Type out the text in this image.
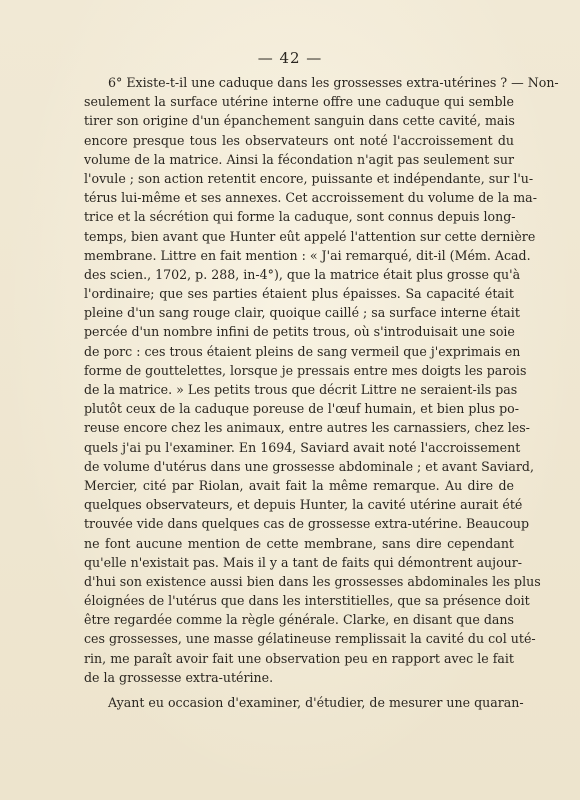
— 42 —
6° Existe-t-il une caduque dans les grossesses extra-utérines ? — Non-
seulement la surface utérine interne offre une caduque qui semble
tirer son origine d'un épanchement sanguin dans cette cavité, mais
encore presque tous les observateurs ont noté l'accroissement du
volume de la matrice. Ainsi la fécondation n'agit pas seulement sur
l'ovule ; son action retentit encore, puissante et indépendante, sur l'u-
térus lui-même et ses annexes. Cet accroissement du volume de la ma-
trice et la sécrétion qui forme la caduque, sont connus depuis long-
temps, bien avant que Hunter eût appelé l'attention sur cette dernière
membrane. Littre en fait mention : « J'ai remarqué, dit-il (Mém. Acad.
des scien., 1702, p. 288, in-4°), que la matrice était plus grosse qu'à
l'ordinaire; que ses parties étaient plus épaisses. Sa capacité était
pleine d'un sang rouge clair, quoique caillé ; sa surface interne était
percée d'un nombre infini de petits trous, où s'introduisait une soie
de porc : ces trous étaient pleins de sang vermeil que j'exprimais en
forme de gouttelettes, lorsque je pressais entre mes doigts les parois
de la matrice. » Les petits trous que décrit Littre ne seraient-ils pas
plutôt ceux de la caduque poreuse de l'œuf humain, et bien plus po-
reuse encore chez les animaux, entre autres les carnassiers, chez les-
quels j'ai pu l'examiner. En 1694, Saviard avait noté l'accroissement
de volume d'utérus dans une grossesse abdominale ; et avant Saviard,
Mercier, cité par Riolan, avait fait la même remarque. Au dire de
quelques observateurs, et depuis Hunter, la cavité utérine aurait été
trouvée vide dans quelques cas de grossesse extra-utérine. Beaucoup
ne font aucune mention de cette membrane, sans dire cependant
qu'elle n'existait pas. Mais il y a tant de faits qui démontrent aujour-
d'hui son existence aussi bien dans les grossesses abdominales les plus
éloignées de l'utérus que dans les interstitielles, que sa présence doit
être regardée comme la règle générale. Clarke, en disant que dans
ces grossesses, une masse gélatineuse remplissait la cavité du col uté-
rin, me paraît avoir fait une observation peu en rapport avec le fait
de la grossesse extra-utérine.
Ayant eu occasion d'examiner, d'étudier, de mesurer une quaran-
